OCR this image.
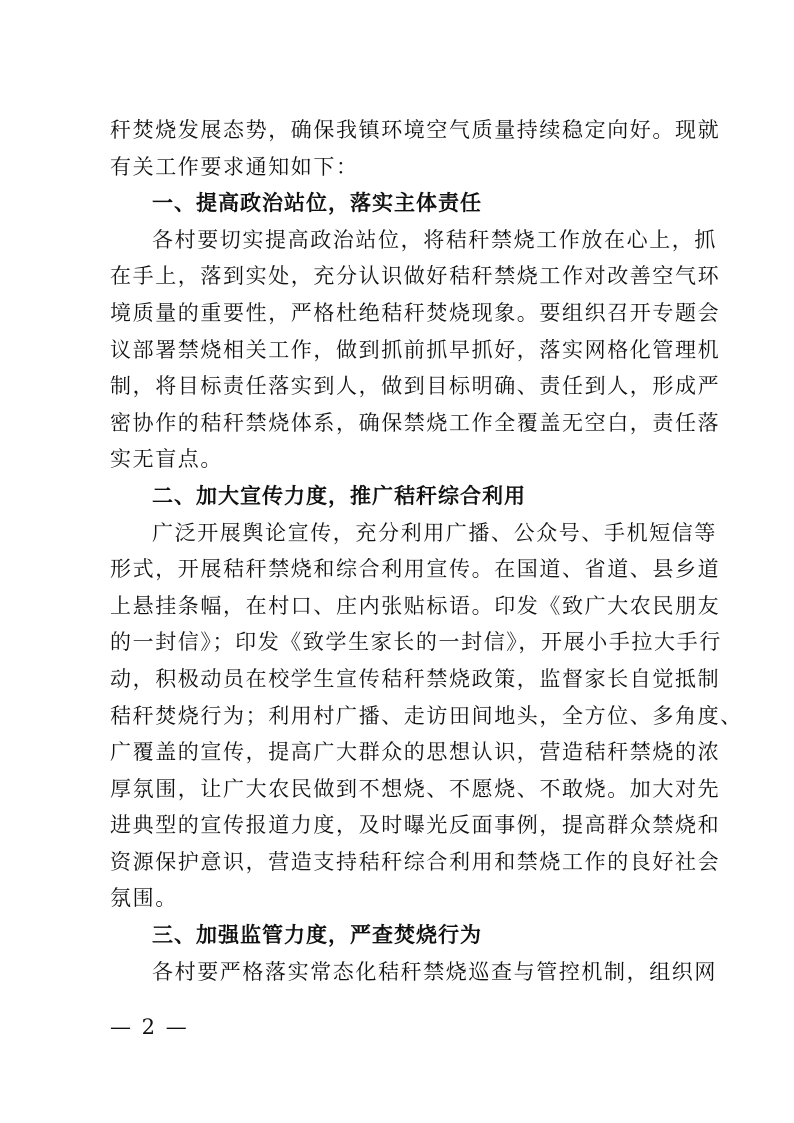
秆焚烧发展态势，确保我镇环境空气质量持续稳定向好。现就
有关工作要求通知如下：
一、提高政治站位，落实主体责任
各村要切实提高政治站位，将秸秆禁烧工作放在心上，抓
在手上，落到实处，充分认识做好秸秆禁烧工作对改善空气环
境质量的重要性，严格杜绝秸秆焚烧现象。要组织召开专题会
议部署禁烧相关工作，做到抓前抓早抓好，落实网格化管理机
制，将目标责任落实到人，做到目标明确、责任到人，形成严
密协作的秸秆禁烧体系，确保禁烧工作全覆盖无空白，责任落
实无盲点。
二、加大宣传力度，推广秸秆综合利用
广泛开展舆论宣传，充分利用广播、公众号、手机短信等
形式，开展秸秆禁烧和综合利用宣传。在国道、省道、县乡道
上悬挂条幅，在村口、庄内张贴标语。印发《致广大农民朋友
的一封信》；印发《致学生家长的一封信》，开展小手拉大手行
动，积极动员在校学生宣传秸秆禁烧政策，监督家长自觉抵制
秸秆焚烧行为；利用村广播、走访田间地头，全方位、多角度、
广覆盖的宣传，提高广大群众的思想认识，营造秸秆禁烧的浓
厚氛围，让广大农民做到不想烧、不愿烧、不敢烧。加大对先
进典型的宣传报道力度，及时曝光反面事例，提高群众禁烧和
资源保护意识，营造支持秸秆综合利用和禁烧工作的良好社会
氛围。
三、加强监管力度，严查焚烧行为
各村要严格落实常态化秸秆禁烧巡查与管控机制，组织网
— 2 —
